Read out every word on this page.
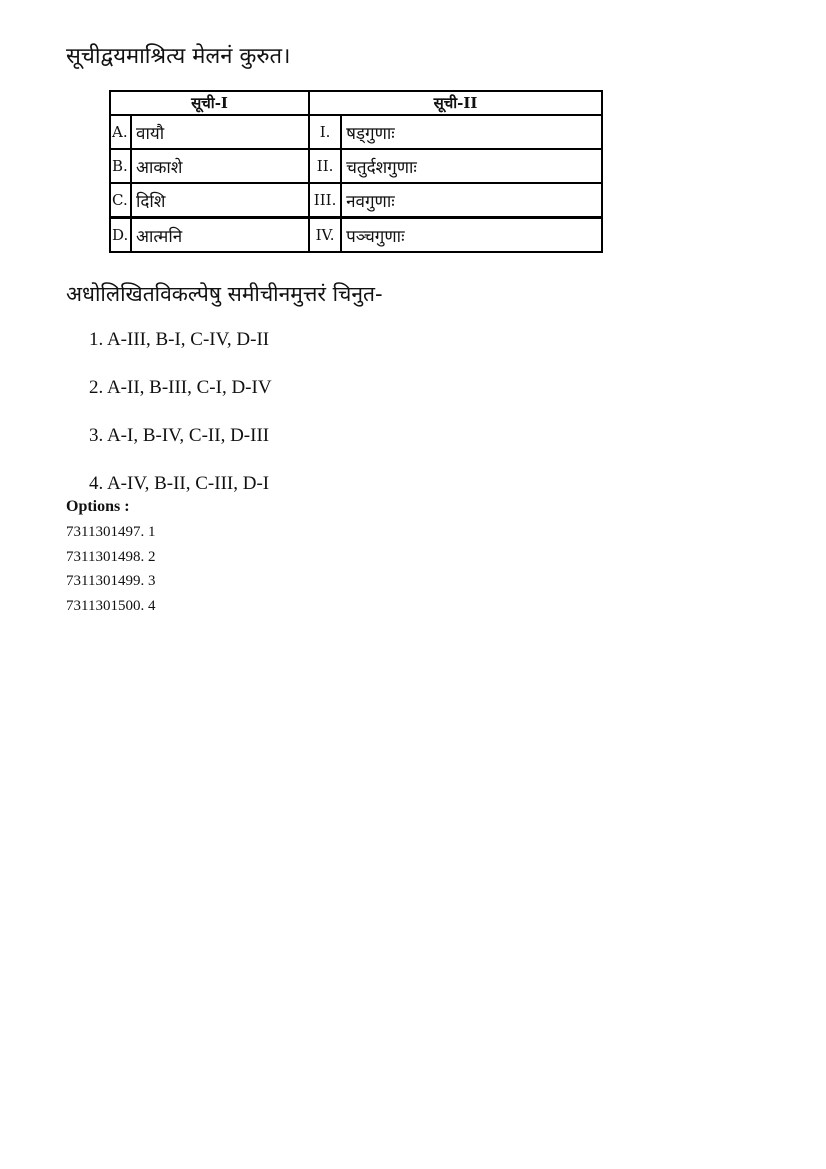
सूचीद्वयमाश्रित्य मेलनं कुरुत।
सूची-I		सूची-II	
A.	वायौ	I.	षड्गुणाः
B.	आकाशे	II.	चतुर्दशगुणाः
C.	दिशि	III.	नवगुणाः
D.	आत्मनि	IV.	पञ्चगुणाः
अधोलिखितविकल्पेषु समीचीनमुत्तरं चिनुत-
1. A-III, B-I, C-IV, D-II
2. A-II, B-III, C-I, D-IV
3. A-I, B-IV, C-II, D-III
4. A-IV, B-II, C-III, D-I
Options :
7311301497. 1
7311301498. 2
7311301499. 3
7311301500. 4
